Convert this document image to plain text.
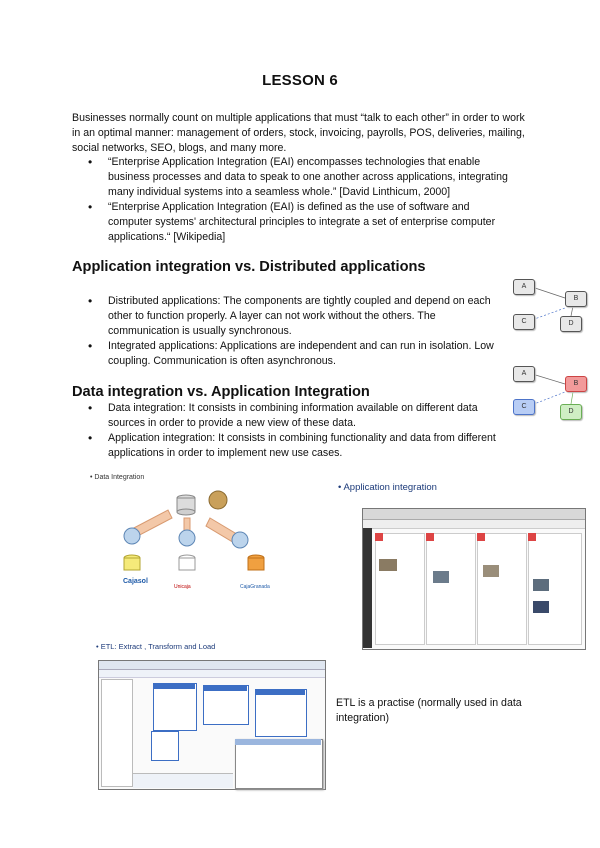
LESSON 6
Businesses normally count on multiple applications that must “talk to each other” in order to work in an optimal manner: management of orders, stock, invoicing, payrolls, POS, deliveries, mailing, social networks, SEO, blogs, and many more.
• “Enterprise Application Integration (EAI) encompasses technologies that enable business processes and data to speak to one another across applications, integrating many individual systems into a seamless whole.” [David Linthicum, 2000]
• “Enterprise Application Integration (EAI) is defined as the use of software and computer systems' architectural principles to integrate a set of enterprise computer applications.“ [Wikipedia]
Application integration vs. Distributed applications
• Distributed applications: The components are tightly coupled and depend on each other to function properly. A layer can not work without the others. The communication is usually synchronous.
• Integrated applications: Applications are independent and can run in isolation. Low coupling. Communication is often asynchronous.
Data integration vs. Application Integration
• Data integration: It consists in combining information available on different data sources in order to provide a new view of these data.
• Application integration: It consists in combining functionality and data from different applications in order to implement new use cases.
A
B
C	D
A
B
C
D
• Data Integration
Cajasol
Unicaja	CajaGranada
• Application integration
• ETL: Extract , Transform and Load
ETL is a practise (normally used in data integration)
